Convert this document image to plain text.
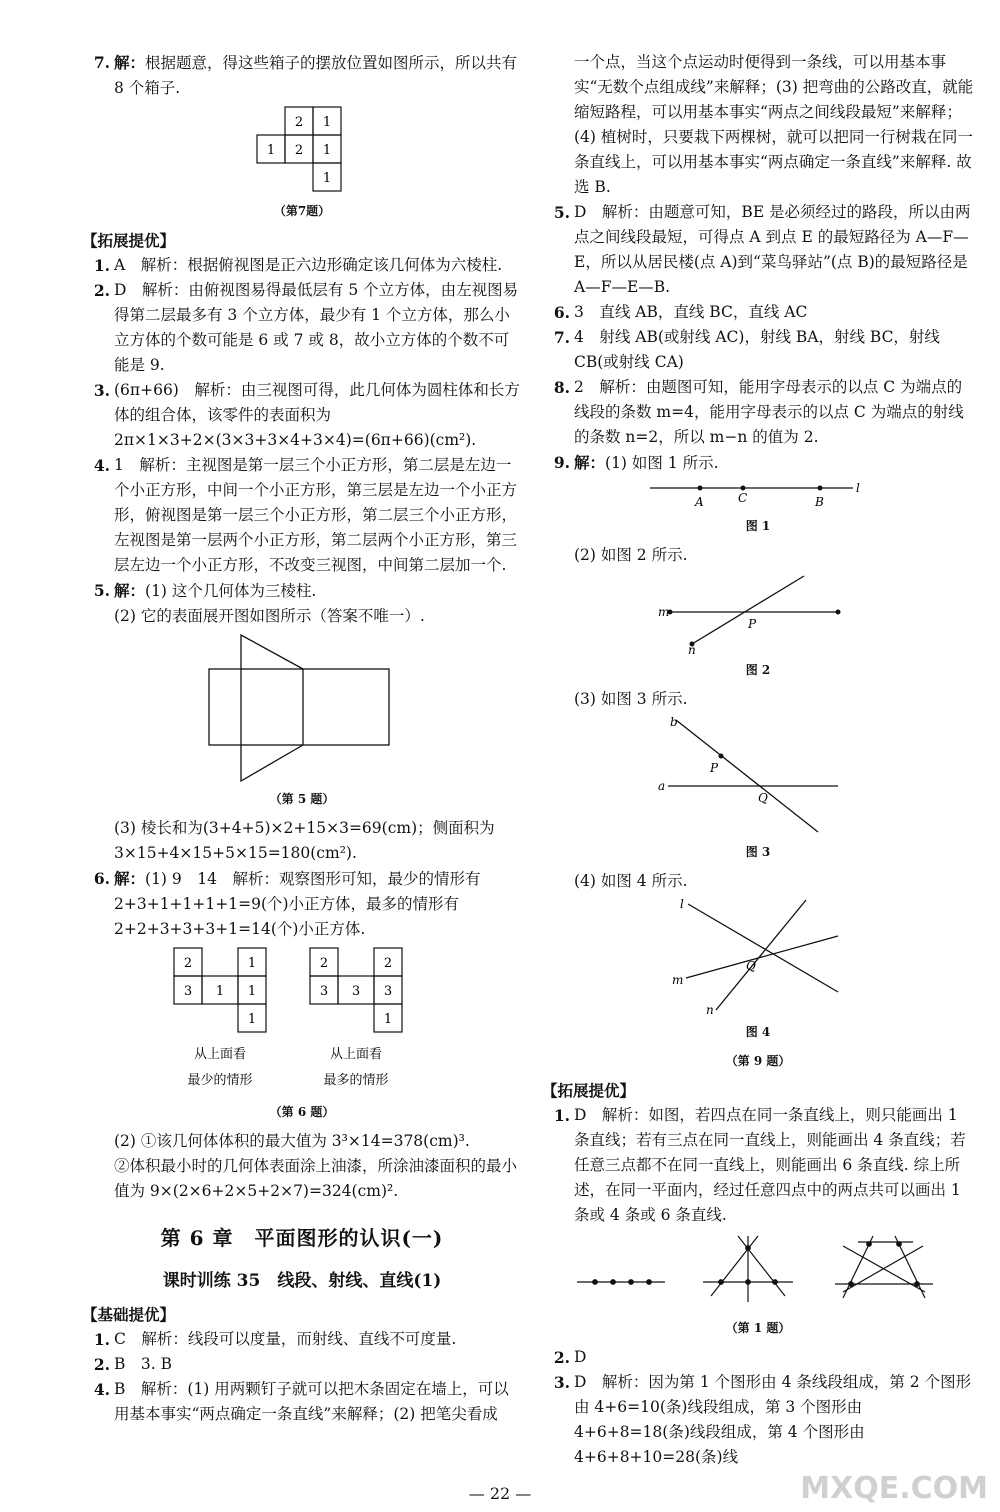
7. 解：根据题意，得这些箱子的摆放位置如图所示，所以共有 8 个箱子.
2 1
1 2 1
1
（第7题）

【拓展提优】

1. A　解析：根据俯视图是正六边形确定该几何体为六棱柱.
2. D　解析：由俯视图易得最低层有 5 个立方体，由左视图易得第二层最多有 3 个立方体，最少有 1 个立方体，那么小立方体的个数可能是 6 或 7 或 8，故小立方体的个数不可能是 9.
3. (6π+66)　解析：由三视图可得，此几何体为圆柱体和长方体的组合体，该零件的表面积为 2π×1×3+2×(3×3+3×4+3×4)=(6π+66)(cm²).
4. 1　解析：主视图是第一层三个小正方形，第二层是左边一个小正方形，中间一个小正方形，第三层是左边一个小正方形，俯视图是第一层三个小正方形，第二层三个小正方形，左视图是第一层两个小正方形，第二层两个小正方形，第三层左边一个小正方形，不改变三视图，中间第二层加一个.
5. 解：(1) 这个几何体为三棱柱.

(2) 它的表面展开图如图所示（答案不唯一）.

（第 5 题）

(3) 棱长和为(3+4+5)×2+15×3=69(cm)；侧面积为 3×15+4×15+5×15=180(cm²).

6. 解：(1) 9　14　解析：观察图形可知，最少的情形有 2+3+1+1+1+1=9(个)小正方体，最多的情形有 2+2+3+3+3+1=14(个)小正方体.
2	1
3 1 1
1
2	2
3 3 3
1
从上面看
最少的情形
从上面看
最多的情形
（第 6 题）

(2) ①该几何体体积的最大值为 3³×14=378(cm)³.

②体积最小时的几何体表面涂上油漆，所涂油漆面积的最小值为 9×(2×6+2×5+2×7)=324(cm)².

第 6 章　平面图形的认识(一)
课时训练 35　线段、射线、直线(1)

【基础提优】

1. C　解析：线段可以度量，而射线、直线不可度量.
2. B　3. B
4. B　解析：(1) 用两颗钉子就可以把木条固定在墙上，可以用基本事实“两点确定一条直线”来解释；(2) 把笔尖看成

一个点，当这个点运动时便得到一条线，可以用基本事实“无数个点组成线”来解释；(3) 把弯曲的公路改直，就能缩短路程，可以用基本事实“两点之间线段最短”来解释；(4) 植树时，只要栽下两棵树，就可以把同一行树栽在同一条直线上，可以用基本事实“两点确定一条直线”来解释. 故选 B.

5. D　解析：由题意可知，BE 是必须经过的路段，所以由两点之间线段最短，可得点 A 到点 E 的最短路径为 A—F—E，所以从居民楼(点 A)到“菜鸟驿站”(点 B)的最短路径是 A—F—E—B.
6. 3　直线 AB，直线 BC，直线 AC
7. 4　射线 AB(或射线 AC)，射线 BA，射线 BC，射线 CB(或射线 CA)
8. 2　解析：由题图可知，能用字母表示的以点 C 为端点的线段的条数 m=4，能用字母表示的以点 C 为端点的射线的条数 n=2，所以 m−n 的值为 2.
9. 解：(1) 如图 1 所示.
A	C	B
l
图 1

(2) 如图 2 所示.

m
P
n
图 2

(3) 如图 3 所示.

b
P
a
Q
图 3

(4) 如图 4 所示.

l
Q
m
n
图 4
（第 9 题）

【拓展提优】

1. D　解析：如图，若四点在同一条直线上，则只能画出 1 条直线；若有三点在同一直线上，则能画出 4 条直线；若任意三点都不在同一直线上，则能画出 6 条直线. 综上所述，在同一平面内，经过任意四点中的两点共可以画出 1 条或 4 条或 6 条直线.
（第 1 题）
2. D
3. D　解析：因为第 1 个图形由 4 条线段组成，第 2 个图形由 4+6=10(条)线段组成，第 3 个图形由 4+6+8=18(条)线段组成，第 4 个图形由 4+6+8+10=28(条)线
— 22 —	MXQE.COM
